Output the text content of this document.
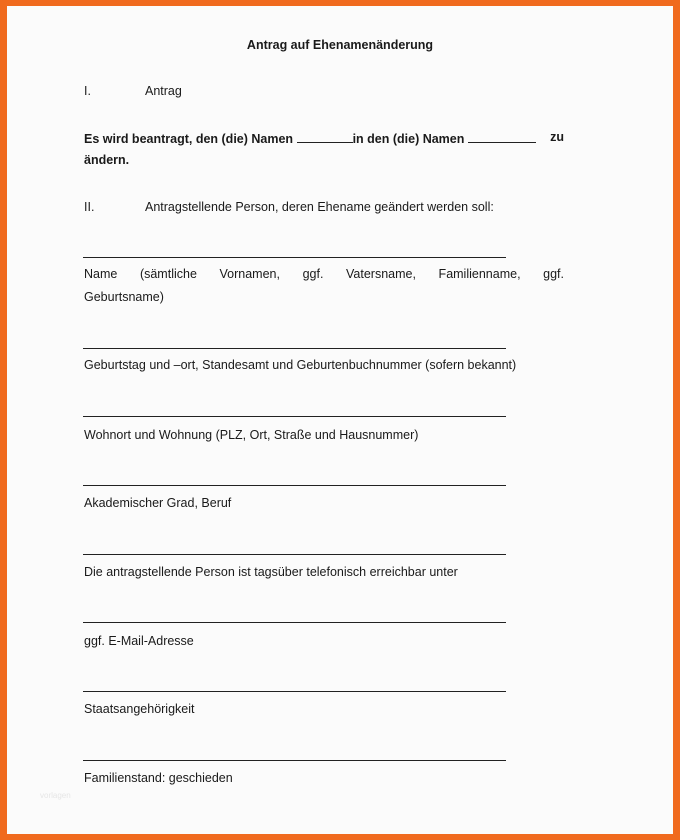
Antrag auf Ehenamenänderung
I.	Antrag
Es wird beantragt, den (die) Namen	in den (die) Namen	zu
ändern.
II.	Antragstellende Person, deren Ehename geändert werden soll:
Name (sämtliche Vornamen, ggf. Vatersname, Familienname, ggf.
Geburtsname)
Geburtstag und –ort, Standesamt und Geburtenbuchnummer (sofern bekannt)
Wohnort und Wohnung (PLZ, Ort, Straße und Hausnummer)
Akademischer Grad, Beruf
Die antragstellende Person ist tagsüber telefonisch erreichbar unter
ggf. E-Mail-Adresse
Staatsangehörigkeit
Familienstand: geschieden
vorlagen
